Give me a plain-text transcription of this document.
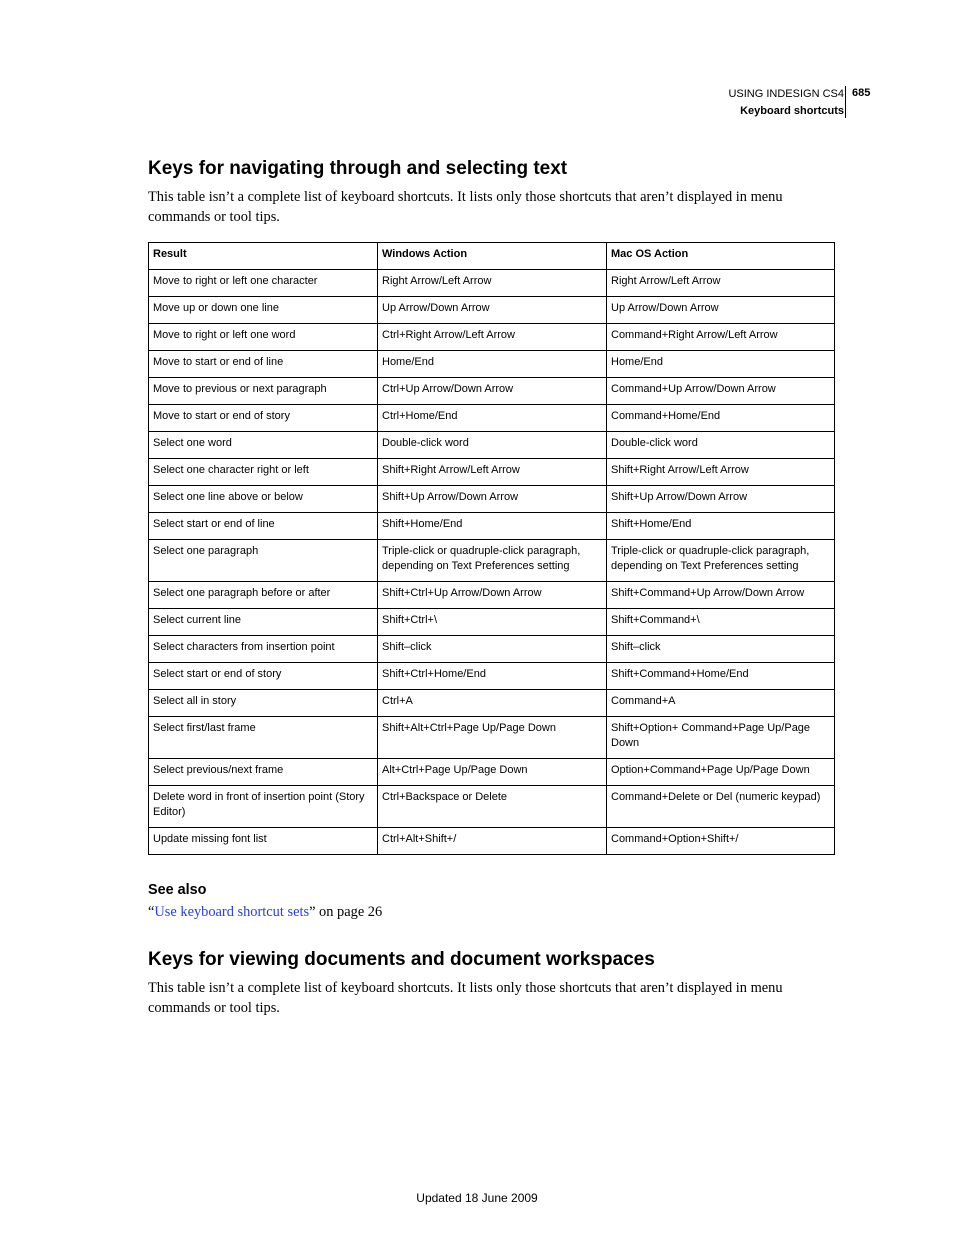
USING INDESIGN CS4
Keyboard shortcuts
685
Keys for navigating through and selecting text

This table isn’t a complete list of keyboard shortcuts. It lists only those shortcuts that aren’t displayed in menu commands or tool tips.

Result	Windows Action	Mac OS Action
Move to right or left one character	Right Arrow/Left Arrow	Right Arrow/Left Arrow
Move up or down one line	Up Arrow/Down Arrow	Up Arrow/Down Arrow
Move to right or left one word	Ctrl+Right Arrow/Left Arrow	Command+Right Arrow/Left Arrow
Move to start or end of line	Home/End	Home/End
Move to previous or next paragraph	Ctrl+Up Arrow/Down Arrow	Command+Up Arrow/Down Arrow
Move to start or end of story	Ctrl+Home/End	Command+Home/End
Select one word	Double-click word	Double-click word
Select one character right or left	Shift+Right Arrow/Left Arrow	Shift+Right Arrow/Left Arrow
Select one line above or below	Shift+Up Arrow/Down Arrow	Shift+Up Arrow/Down Arrow
Select start or end of line	Shift+Home/End	Shift+Home/End
Select one paragraph	Triple-click or quadruple-click paragraph, depending on Text Preferences setting	Triple-click or quadruple-click paragraph, depending on Text Preferences setting
Select one paragraph before or after	Shift+Ctrl+Up Arrow/Down Arrow	Shift+Command+Up Arrow/Down Arrow
Select current line	Shift+Ctrl+\	Shift+Command+\
Select characters from insertion point	Shift–click	Shift–click
Select start or end of story	Shift+Ctrl+Home/End	Shift+Command+Home/End
Select all in story	Ctrl+A	Command+A
Select first/last frame	Shift+Alt+Ctrl+Page Up/Page Down	Shift+Option+ Command+Page Up/Page Down
Select previous/next frame	Alt+Ctrl+Page Up/Page Down	Option+Command+Page Up/Page Down
Delete word in front of insertion point (Story Editor)	Ctrl+Backspace or Delete	Command+Delete or Del (numeric keypad)
Update missing font list	Ctrl+Alt+Shift+/	Command+Option+Shift+/
See also

“Use keyboard shortcut sets” on page 26

Keys for viewing documents and document workspaces

This table isn’t a complete list of keyboard shortcuts. It lists only those shortcuts that aren’t displayed in menu commands or tool tips.

Updated 18 June 2009
